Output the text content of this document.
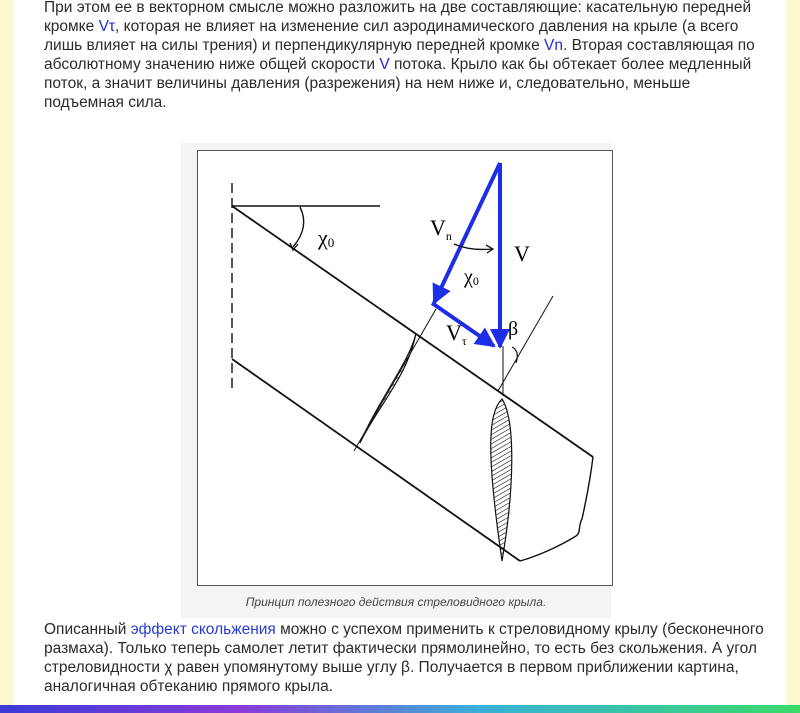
При этом ее в векторном смысле можно разложить на две составляющие: касательную передней кромке Vτ, которая не влияет на изменение сил аэродинамического давления на крыле (а всего лишь влияет на силы трения) и перпендикулярную передней кромке Vn. Вторая составляющая по абсолютному значению ниже общей скорости V потока. Крыло как бы обтекает более медленный поток, а значит величины давления (разрежения) на нем ниже и, следовательно, меньше подъемная сила.
Описанный эффект скольжения можно с успехом применить к стреловидному крылу (бесконечного размаха). Только теперь самолет летит фактически прямолинейно, то есть без скольжения. А угол стреловидности χ равен упомянутому выше углу β. Получается в первом приближении картина, аналогичная обтеканию прямого крыла.
χ0
$V_n$
V
χ0
$V_\tau$
β
Принцип полезного действия стреловидного крыла.
